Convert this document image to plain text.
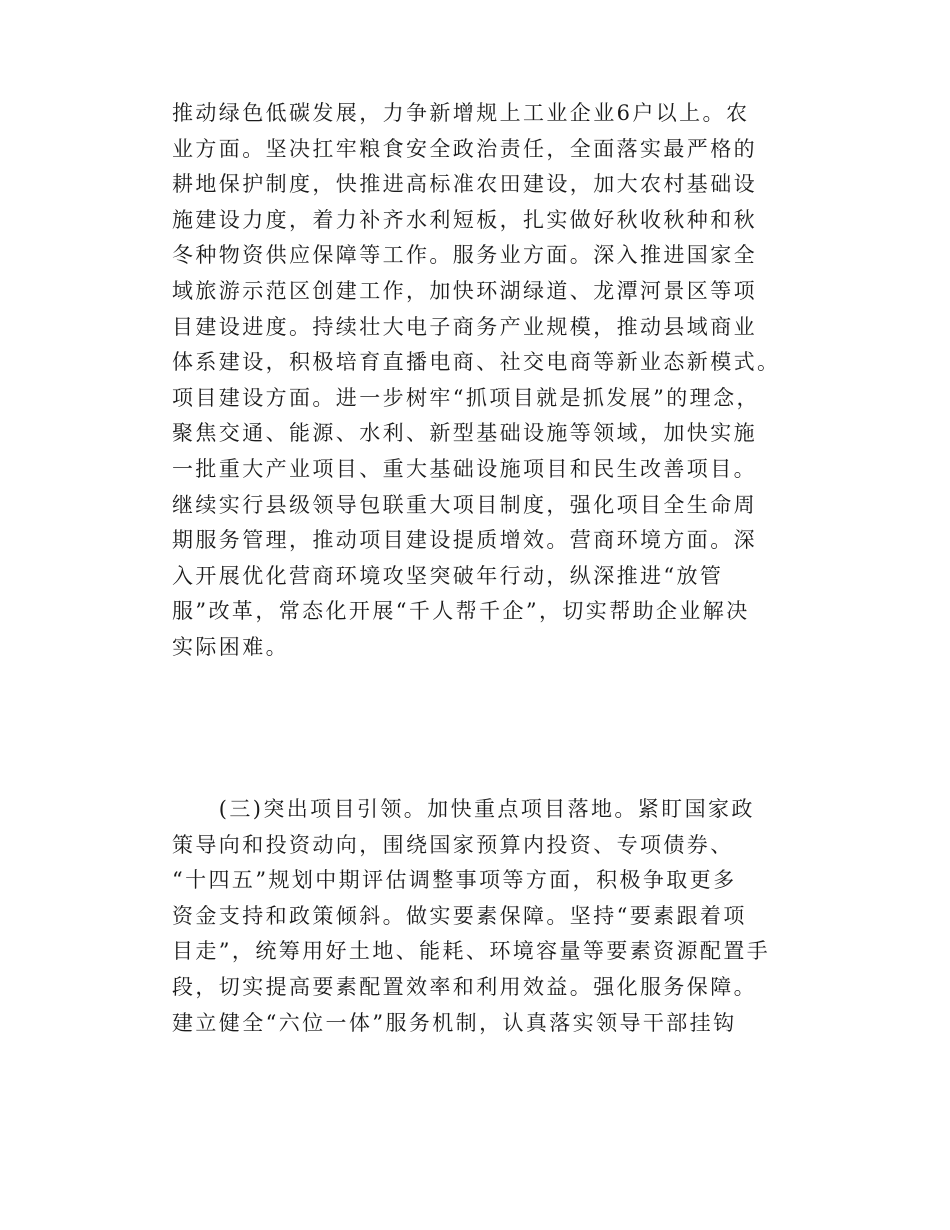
推动绿色低碳发展，力争新增规上工业企业6户以上。农
业方面。坚决扛牢粮食安全政治责任，全面落实最严格的
耕地保护制度，快推进高标准农田建设，加大农村基础设
施建设力度，着力补齐水利短板，扎实做好秋收秋种和秋
冬种物资供应保障等工作。服务业方面。深入推进国家全
域旅游示范区创建工作，加快环湖绿道、龙潭河景区等项
目建设进度。持续壮大电子商务产业规模，推动县域商业
体系建设，积极培育直播电商、社交电商等新业态新模式。
项目建设方面。进一步树牢“抓项目就是抓发展”的理念，
聚焦交通、能源、水利、新型基础设施等领域，加快实施
一批重大产业项目、重大基础设施项目和民生改善项目。
继续实行县级领导包联重大项目制度，强化项目全生命周
期服务管理，推动项目建设提质增效。营商环境方面。深
入开展优化营商环境攻坚突破年行动，纵深推进“放管
服”改革，常态化开展“千人帮千企”，切实帮助企业解决
实际困难。
　　(三)突出项目引领。加快重点项目落地。紧盯国家政
策导向和投资动向，围绕国家预算内投资、专项债券、
“十四五”规划中期评估调整事项等方面，积极争取更多
资金支持和政策倾斜。做实要素保障。坚持“要素跟着项
目走”，统筹用好土地、能耗、环境容量等要素资源配置手
段，切实提高要素配置效率和利用效益。强化服务保障。
建立健全“六位一体”服务机制，认真落实领导干部挂钩
